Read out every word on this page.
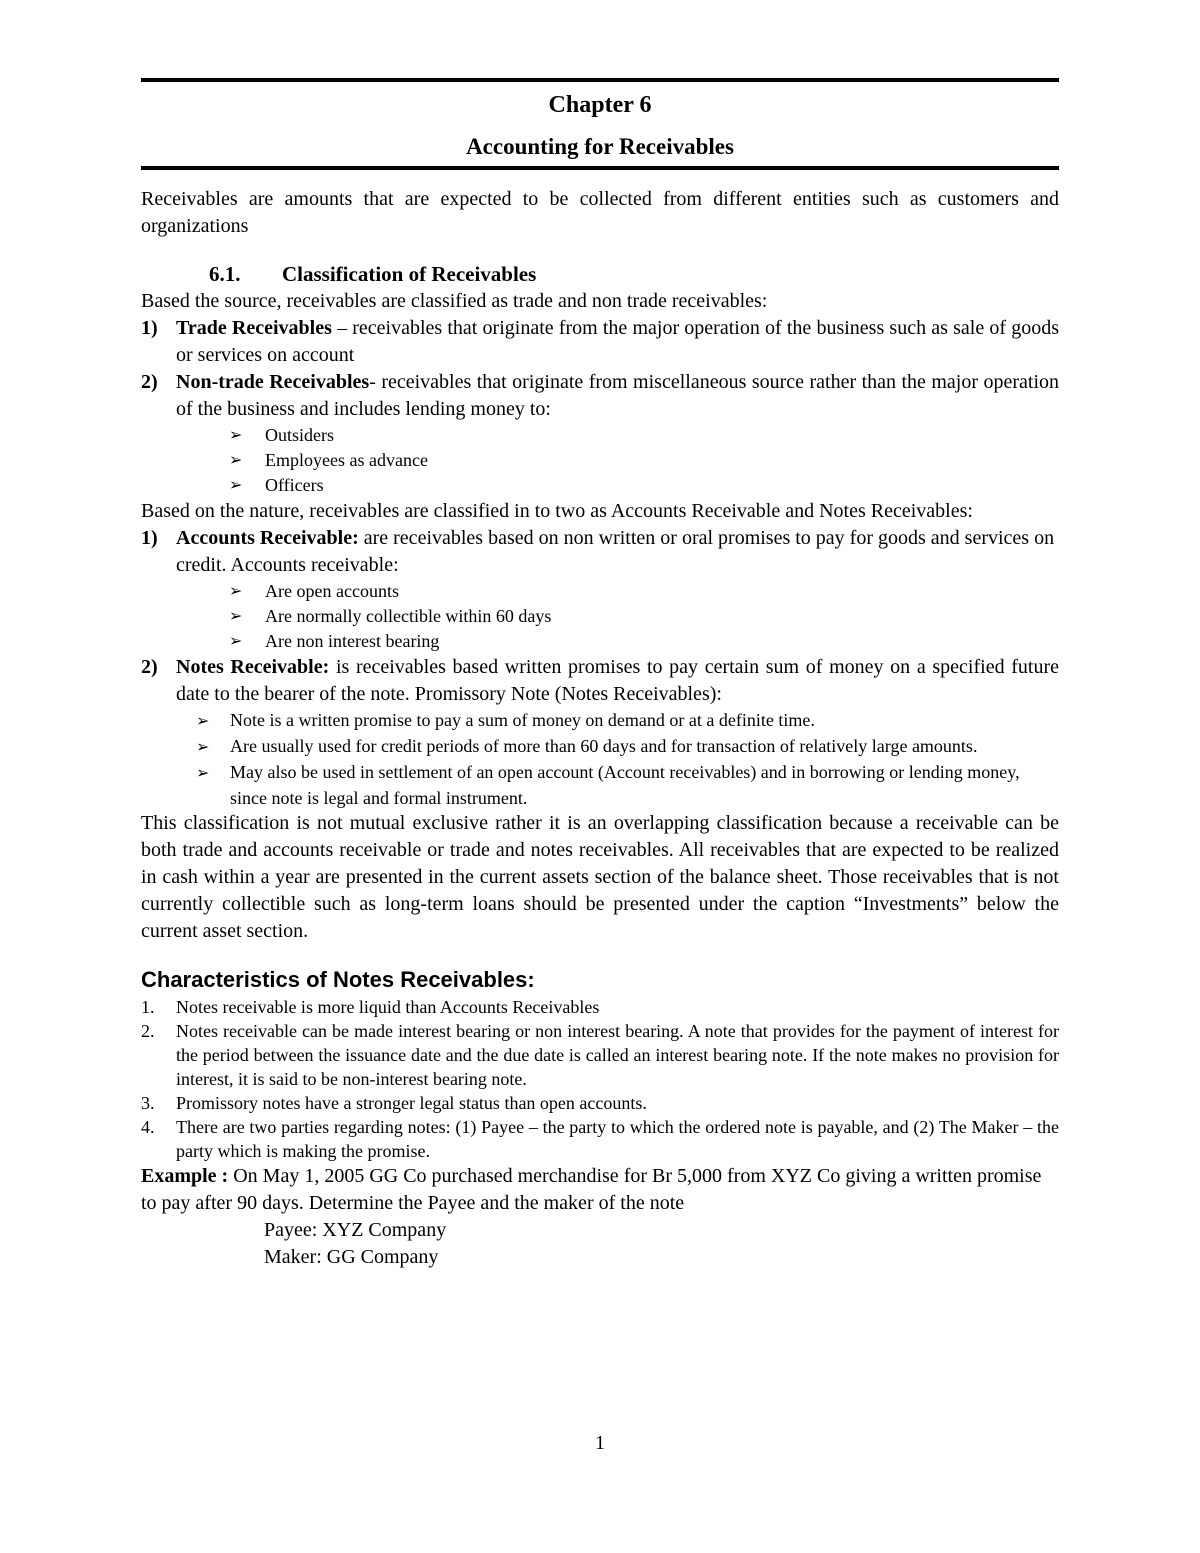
Chapter 6
Accounting for Receivables

Receivables are amounts that are expected to be collected from different entities such as customers and organizations

6.1. Classification of Receivables

Based the source, receivables are classified as trade and non trade receivables:

1) Trade Receivables – receivables that originate from the major operation of the business such as sale of goods or services on account
2) Non-trade Receivables- receivables that originate from miscellaneous source rather than the major operation of the business and includes lending money to:
➢ Outsiders
➢ Employees as advance
➢ Officers

Based on the nature, receivables are classified in to two as Accounts Receivable and Notes Receivables:

1) Accounts Receivable: are receivables based on non written or oral promises to pay for goods and services on credit. Accounts receivable:
➢ Are open accounts
➢ Are normally collectible within 60 days
➢ Are non interest bearing
2) Notes Receivable: is receivables based written promises to pay certain sum of money on a specified future date to the bearer of the note. Promissory Note (Notes Receivables):
➢Note is a written promise to pay a sum of money on demand or at a definite time.
➢Are usually used for credit periods of more than 60 days and for transaction of relatively large amounts.
➢May also be used in settlement of an open account (Account receivables) and in borrowing or lending money, since note is legal and formal instrument.

This classification is not mutual exclusive rather it is an overlapping classification because a receivable can be both trade and accounts receivable or trade and notes receivables. All receivables that are expected to be realized in cash within a year are presented in the current assets section of the balance sheet. Those receivables that is not currently collectible such as long-term loans should be presented under the caption “Investments” below the current asset section.

Characteristics of Notes Receivables:
1. Notes receivable is more liquid than Accounts Receivables
2. Notes receivable can be made interest bearing or non interest bearing. A note that provides for the payment of interest for the period between the issuance date and the due date is called an interest bearing note. If the note makes no provision for interest, it is said to be non-interest bearing note.
3. Promissory notes have a stronger legal status than open accounts.
4. There are two parties regarding notes: (1) Payee – the party to which the ordered note is payable, and (2) The Maker – the party which is making the promise.

Example : On May 1, 2005 GG Co purchased merchandise for Br 5,000 from XYZ Co giving a written promise to pay after 90 days. Determine the Payee and the maker of the note

Payee: XYZ Company
Maker: GG Company
1
